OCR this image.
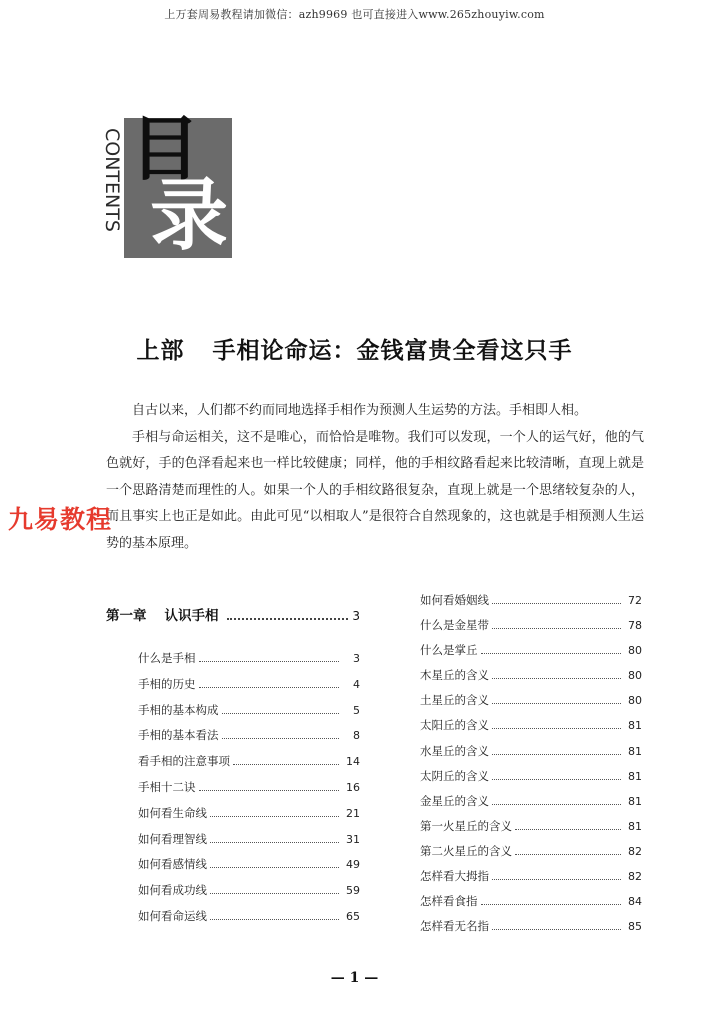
上万套周易教程请加微信：azh9969 也可直接进入www.265zhouyiw.com
CONTENTS 目
录
上部 手相论命运：金钱富贵全看这只手

自古以来，人们都不约而同地选择手相作为预测人生运势的方法。手相即人相。

手相与命运相关，这不是唯心，而恰恰是唯物。我们可以发现，一个人的运气好，他的气色就好，手的色泽看起来也一样比较健康；同样，他的手相纹路看起来比较清晰，直现上就是一个思路清楚而理性的人。如果一个人的手相纹路很复杂，直现上就是一个思绪较复杂的人，而且事实上也正是如此。由此可见“以相取人”是很符合自然现象的，这也就是手相预测人生运势的基本原理。

九易教程
第一章 认识手相	3
什么是手相	3
手相的历史	4
手相的基本构成	5
手相的基本看法	8
看手相的注意事项	14
手相十二诀	16
如何看生命线	21
如何看理智线	31
如何看感情线	49
如何看成功线	59
如何看命运线	65
如何看婚姻线	72
什么是金星带	78
什么是掌丘	80
木星丘的含义	80
土星丘的含义	80
太阳丘的含义	81
水星丘的含义	81
太阴丘的含义	81
金星丘的含义	81
第一火星丘的含义	81
第二火星丘的含义	82
怎样看大拇指	82
怎样看食指	84
怎样看无名指	85
— 1 —
